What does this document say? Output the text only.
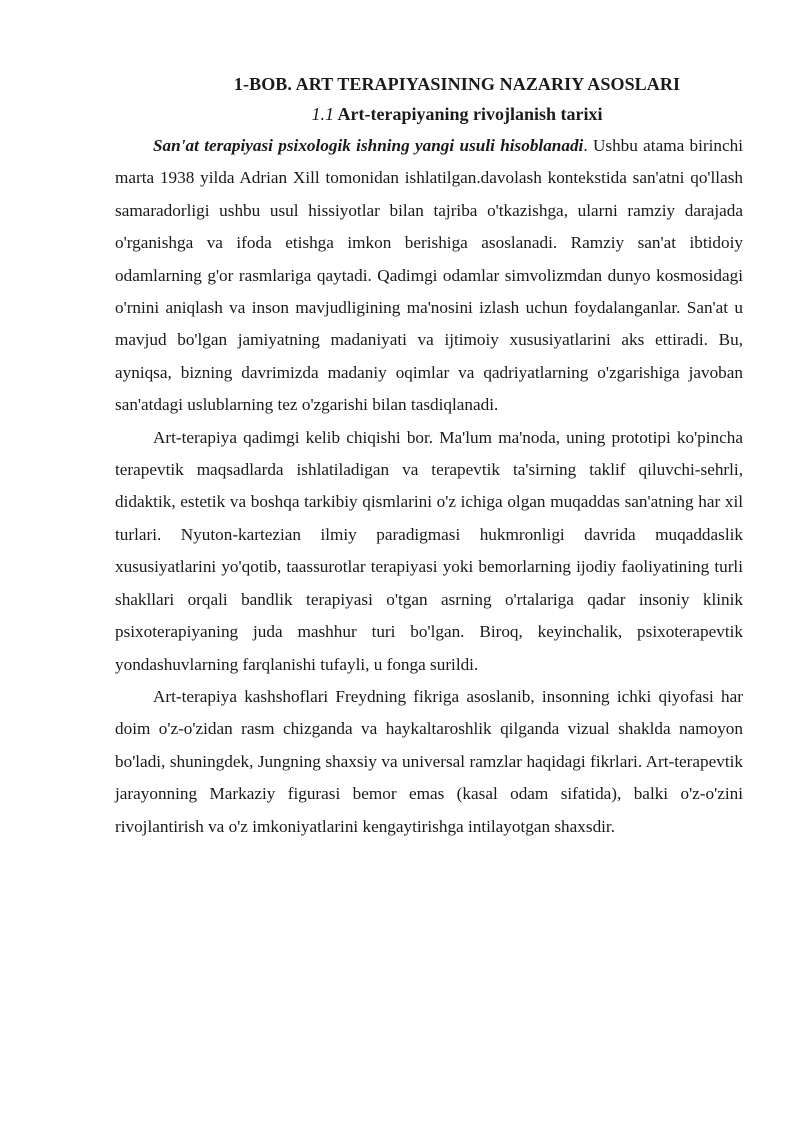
1-BOB. ART TERAPIYASINING NAZARIY ASOSLARI
1.1 Art-terapiyaning rivojlanish tarixi

San'at terapiyasi psixologik ishning yangi usuli hisoblanadi. Ushbu atama birinchi marta 1938 yilda Adrian Xill tomonidan ishlatilgan.davolash kontekstida san'atni qo'llash samaradorligi ushbu usul hissiyotlar bilan tajriba o'tkazishga, ularni ramziy darajada o'rganishga va ifoda etishga imkon berishiga asoslanadi. Ramziy san'at ibtidoiy odamlarning g'or rasmlariga qaytadi. Qadimgi odamlar simvolizmdan dunyo kosmosidagi o'rnini aniqlash va inson mavjudligining ma'nosini izlash uchun foydalanganlar. San'at u mavjud bo'lgan jamiyatning madaniyati va ijtimoiy xususiyatlarini aks ettiradi. Bu, ayniqsa, bizning davrimizda madaniy oqimlar va qadriyatlarning o'zgarishiga javoban san'atdagi uslublarning tez o'zgarishi bilan tasdiqlanadi.

Art-terapiya qadimgi kelib chiqishi bor. Ma'lum ma'noda, uning prototipi ko'pincha terapevtik maqsadlarda ishlatiladigan va terapevtik ta'sirning taklif qiluvchi-sehrli, didaktik, estetik va boshqa tarkibiy qismlarini o'z ichiga olgan muqaddas san'atning har xil turlari. Nyuton-kartezian ilmiy paradigmasi hukmronligi davrida muqaddaslik xususiyatlarini yo'qotib, taassurotlar terapiyasi yoki bemorlarning ijodiy faoliyatining turli shakllari orqali bandlik terapiyasi o'tgan asrning o'rtalariga qadar insoniy klinik psixoterapiyaning juda mashhur turi bo'lgan. Biroq, keyinchalik, psixoterapevtik yondashuvlarning farqlanishi tufayli, u fonga surildi.

Art-terapiya kashshoflari Freydning fikriga asoslanib, insonning ichki qiyofasi har doim o'z-o'zidan rasm chizganda va haykaltaroshlik qilganda vizual shaklda namoyon bo'ladi, shuningdek, Jungning shaxsiy va universal ramzlar haqidagi fikrlari. Art-terapevtik jarayonning Markaziy figurasi bemor emas (kasal odam sifatida), balki o'z-o'zini rivojlantirish va o'z imkoniyatlarini kengaytirishga intilayotgan shaxsdir.
